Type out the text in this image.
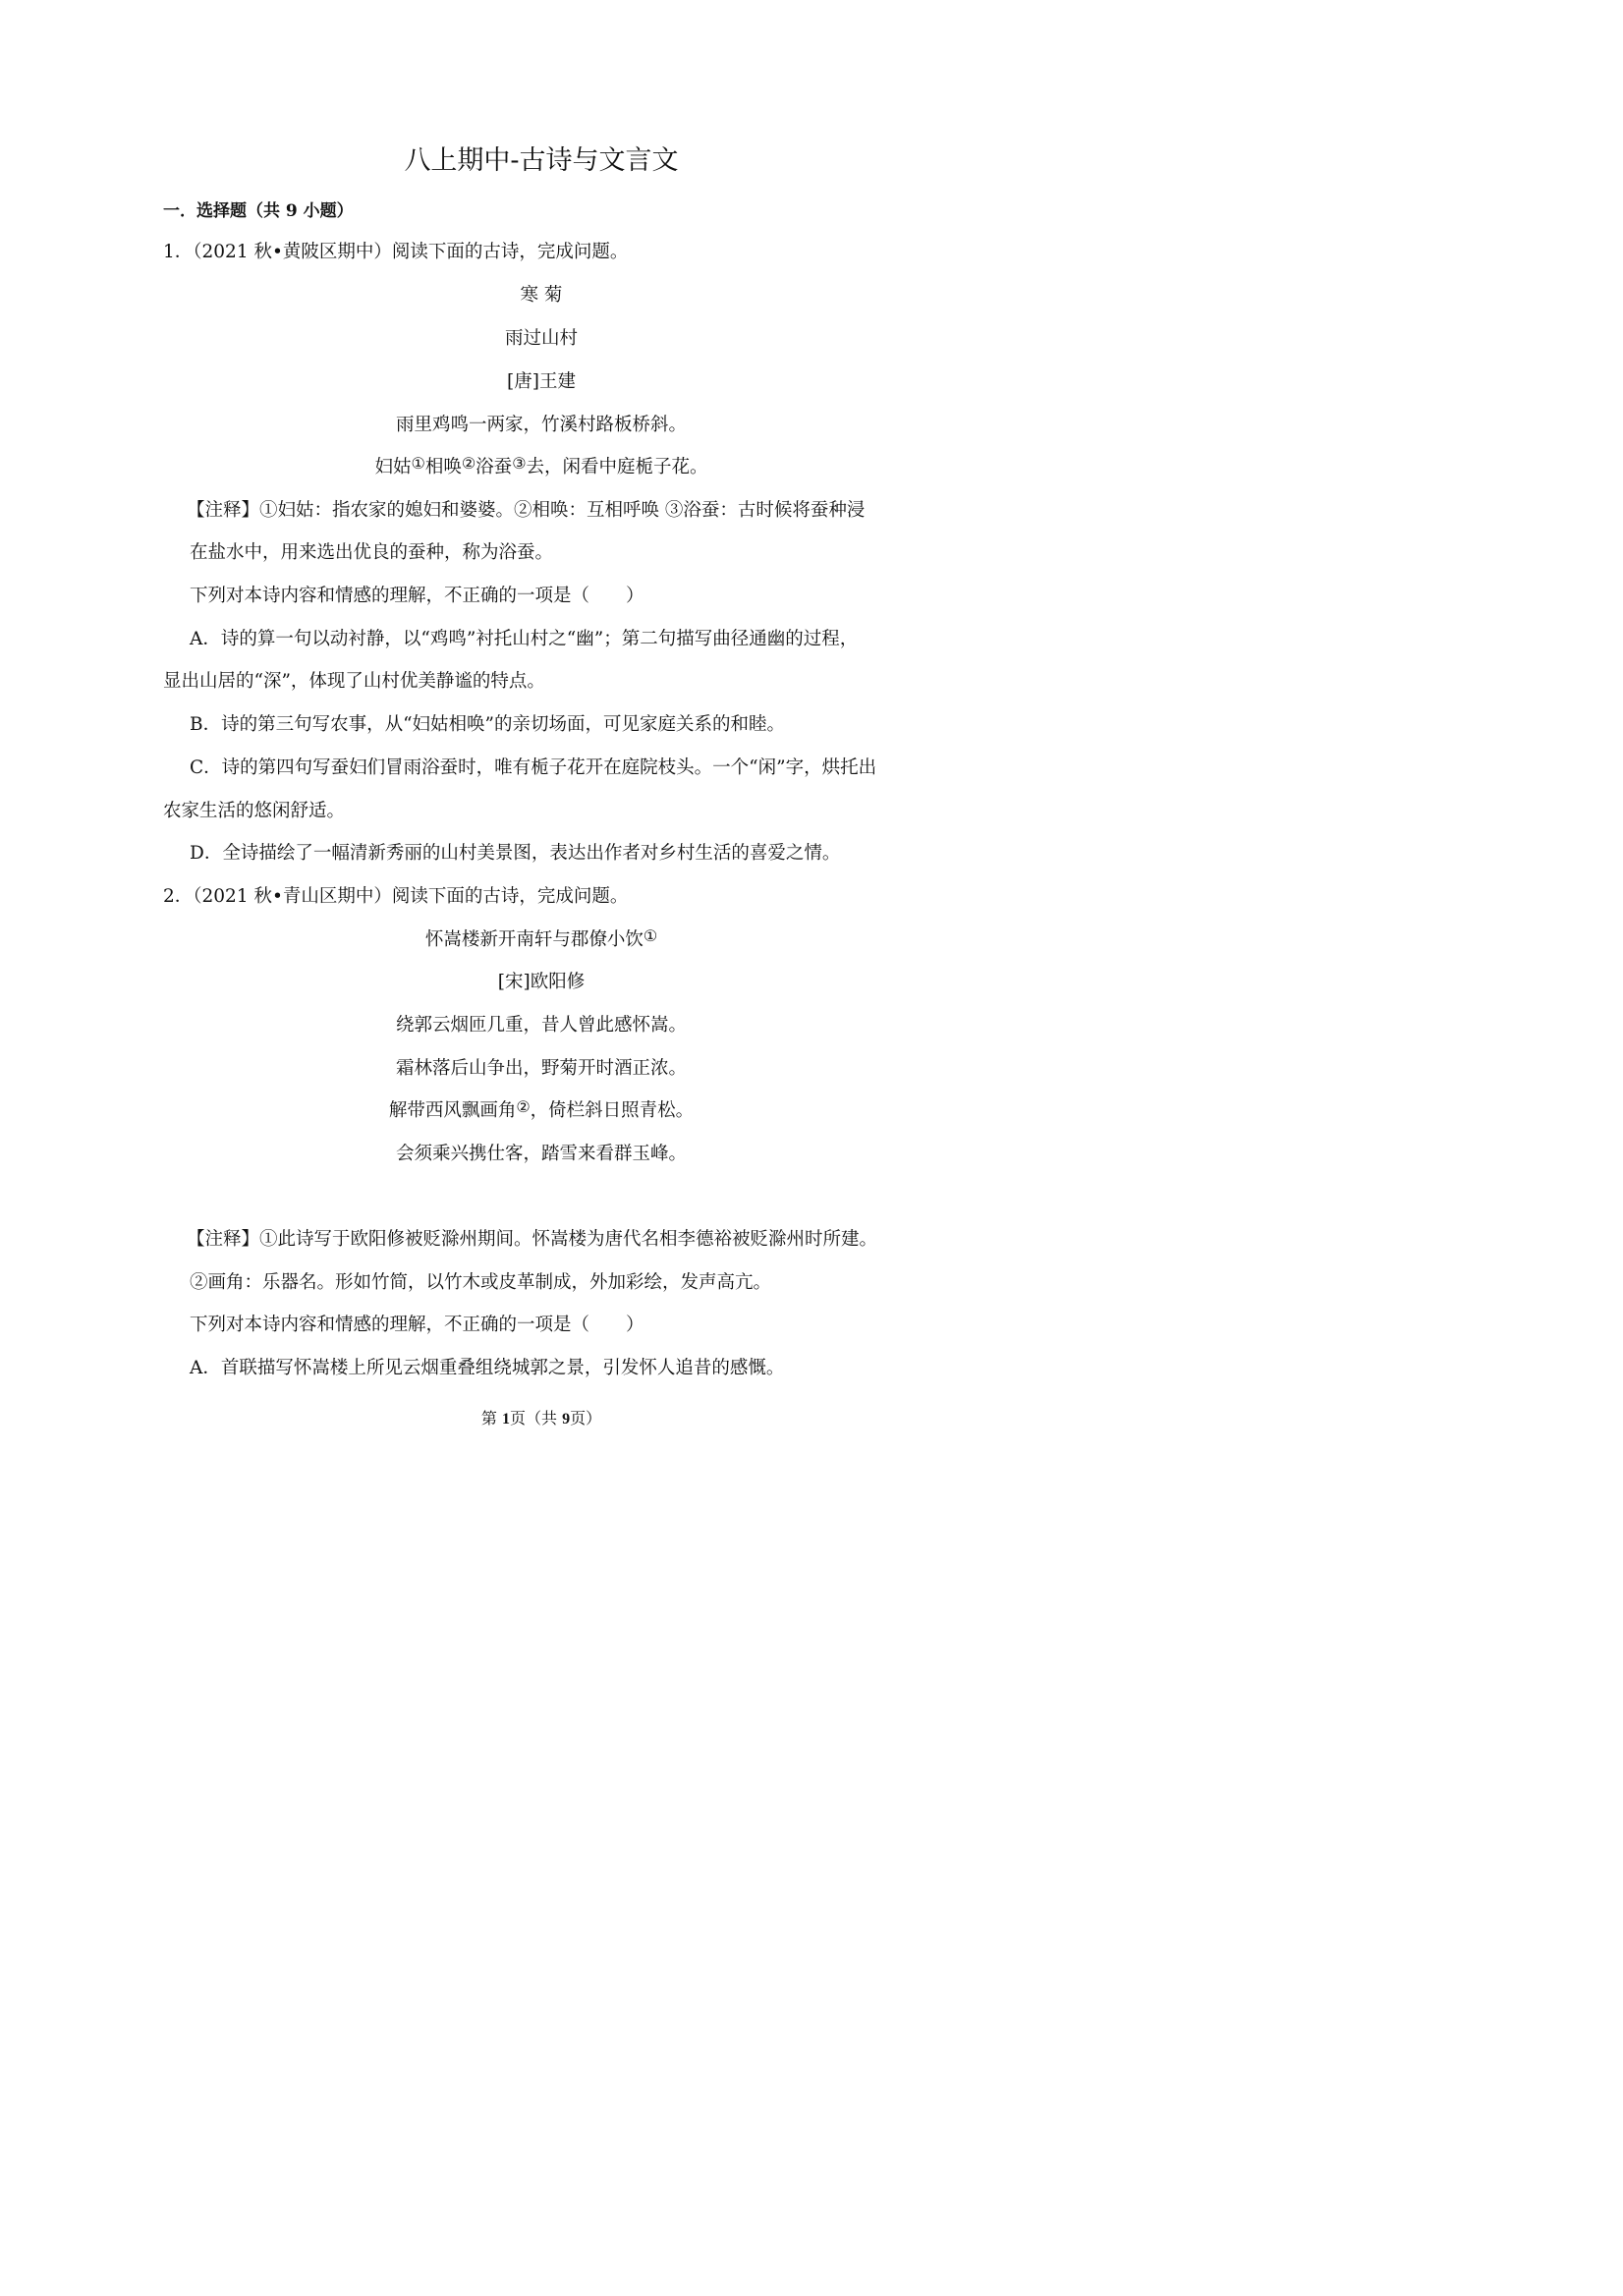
八上期中-古诗与文言文
一．选择题（共 9 小题）
1．（2021 秋•黄陂区期中）阅读下面的古诗，完成问题。
寒 菊
雨过山村
[唐]王建
雨里鸡鸣一两家，竹溪村路板桥斜。
妇姑①相唤②浴蚕③去，闲看中庭栀子花。
【注释】①妇姑：指农家的媳妇和婆婆。②相唤：互相呼唤 ③浴蚕：古时候将蚕种浸
在盐水中，用来选出优良的蚕种，称为浴蚕。
下列对本诗内容和情感的理解，不正确的一项是（　　）
A．诗的算一句以动衬静，以“鸡鸣”衬托山村之“幽”；第二句描写曲径通幽的过程，
显出山居的“深”，体现了山村优美静谧的特点。
B．诗的第三句写农事，从“妇姑相唤”的亲切场面，可见家庭关系的和睦。
C．诗的第四句写蚕妇们冒雨浴蚕时，唯有栀子花开在庭院枝头。一个“闲”字，烘托出
农家生活的悠闲舒适。
D．全诗描绘了一幅清新秀丽的山村美景图，表达出作者对乡村生活的喜爱之情。
2．（2021 秋•青山区期中）阅读下面的古诗，完成问题。
怀嵩楼新开南轩与郡僚小饮①
[宋]欧阳修
绕郭云烟匝几重，昔人曾此感怀嵩。
霜林落后山争出，野菊开时酒正浓。
解带西风飘画角②，倚栏斜日照青松。
会须乘兴携仕客，踏雪来看群玉峰。
【注释】①此诗写于欧阳修被贬滁州期间。怀嵩楼为唐代名相李德裕被贬滁州时所建。
②画角：乐器名。形如竹简，以竹木或皮革制成，外加彩绘，发声高亢。
下列对本诗内容和情感的理解，不正确的一项是（　　）
A．首联描写怀嵩楼上所见云烟重叠组绕城郭之景，引发怀人追昔的感慨。
第 1页（共 9页）
